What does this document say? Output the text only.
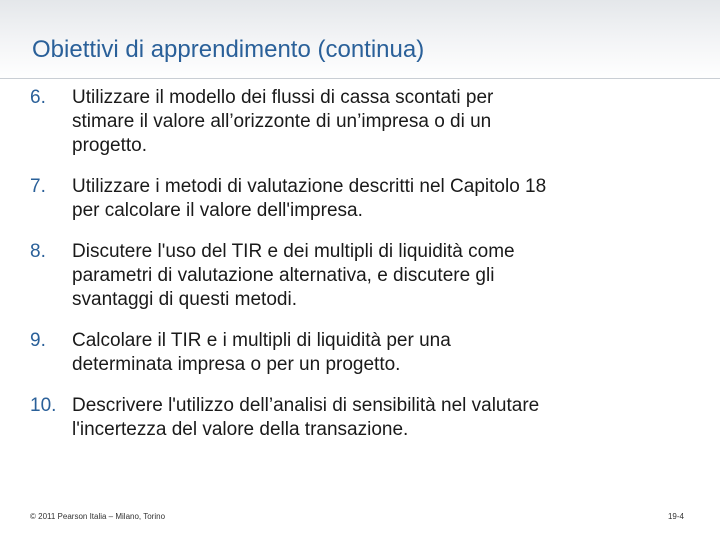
Obiettivi di apprendimento (continua)
6. Utilizzare il modello dei flussi di cassa scontati per
stimare il valore all’orizzonte di un’impresa o di un
progetto.
7. Utilizzare i metodi di valutazione descritti nel Capitolo 18
per calcolare il valore dell'impresa.
8. Discutere l'uso del TIR e dei multipli di liquidità come
parametri di valutazione alternativa, e discutere gli
svantaggi di questi metodi.
9. Calcolare il TIR e i multipli di liquidità per una
determinata impresa o per un progetto.
10. Descrivere l'utilizzo dell’analisi di sensibilità nel valutare
l'incertezza del valore della transazione.
© 2011 Pearson Italia – Milano, Torino	19-4
